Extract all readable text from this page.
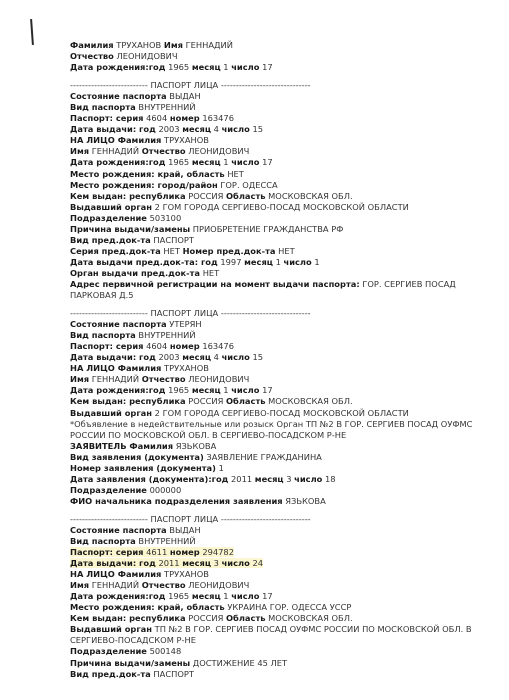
Фамилия ТРУХАНОВ Имя ГЕННАДИЙ
Отчество ЛЕОНИДОВИЧ
Дата рождения:год 1965 месяц 1 число 17
-------------------------- ПАСПОРТ ЛИЦА ------------------------------
Состояние паспорта ВЫДАН
Вид паспорта ВНУТРЕННИЙ
Паспорт: серия 4604 номер 163476
Дата выдачи: год 2003 месяц 4 число 15
НА ЛИЦО Фамилия ТРУХАНОВ
Имя ГЕННАДИЙ Отчество ЛЕОНИДОВИЧ
Дата рождения:год 1965 месяц 1 число 17
Место рождения: край, область НЕТ
Место рождения: город/район ГОР. ОДЕССА
Кем выдан: республика РОССИЯ Область МОСКОВСКАЯ ОБЛ.
Выдавший орган 2 ГОМ ГОРОДА СЕРГИЕВО-ПОСАД МОСКОВСКОЙ ОБЛАСТИ
Подразделение 503100
Причина выдачи/замены ПРИОБРЕТЕНИЕ ГРАЖДАНСТВА РФ
Вид пред.док-та ПАСПОРТ
Серия пред.док-та НЕТ Номер пред.док-та НЕТ
Дата выдачи пред.док-та: год 1997 месяц 1 число 1
Орган выдачи пред.док-та НЕТ
Адрес первичной регистрации на момент выдачи паспорта: ГОР. СЕРГИЕВ ПОСАД ПАРКОВАЯ Д.5
-------------------------- ПАСПОРТ ЛИЦА ------------------------------
Состояние паспорта УТЕРЯН
Вид паспорта ВНУТРЕННИЙ
Паспорт: серия 4604 номер 163476
Дата выдачи: год 2003 месяц 4 число 15
НА ЛИЦО Фамилия ТРУХАНОВ
Имя ГЕННАДИЙ Отчество ЛЕОНИДОВИЧ
Дата рождения:год 1965 месяц 1 число 17
Кем выдан: республика РОССИЯ Область МОСКОВСКАЯ ОБЛ.
Выдавший орган 2 ГОМ ГОРОДА СЕРГИЕВО-ПОСАД МОСКОВСКОЙ ОБЛАСТИ
*Объявление в недействительные или розыск Орган ТП №2 В ГОР. СЕРГИЕВ ПОСАД ОУФМС РОССИИ ПО МОСКОВСКОЙ ОБЛ. В СЕРГИЕВО-ПОСАДСКОМ Р-НЕ
ЗАЯВИТЕЛЬ Фамилия ЯЗЬКОВА
Вид заявления (документа) ЗАЯВЛЕНИЕ ГРАЖДАНИНА
Номер заявления (документа) 1
Дата заявления (документа):год 2011 месяц 3 число 18
Подразделение 000000
ФИО начальника подразделения заявления ЯЗЬКОВА
-------------------------- ПАСПОРТ ЛИЦА ------------------------------
Состояние паспорта ВЫДАН
Вид паспорта ВНУТРЕННИЙ
Паспорт: серия 4611 номер 294782
Дата выдачи: год 2011 месяц 3 число 24
НА ЛИЦО Фамилия ТРУХАНОВ
Имя ГЕННАДИЙ Отчество ЛЕОНИДОВИЧ
Дата рождения:год 1965 месяц 1 число 17
Место рождения: край, область УКРАИНА ГОР. ОДЕССА УССР
Кем выдан: республика РОССИЯ Область МОСКОВСКАЯ ОБЛ.
Выдавший орган ТП №2 В ГОР. СЕРГИЕВ ПОСАД ОУФМС РОССИИ ПО МОСКОВСКОЙ ОБЛ. В СЕРГИЕВО-ПОСАДСКОМ Р-НЕ
Подразделение 500148
Причина выдачи/замены ДОСТИЖЕНИЕ 45 ЛЕТ
Вид пред.док-та ПАСПОРТ
